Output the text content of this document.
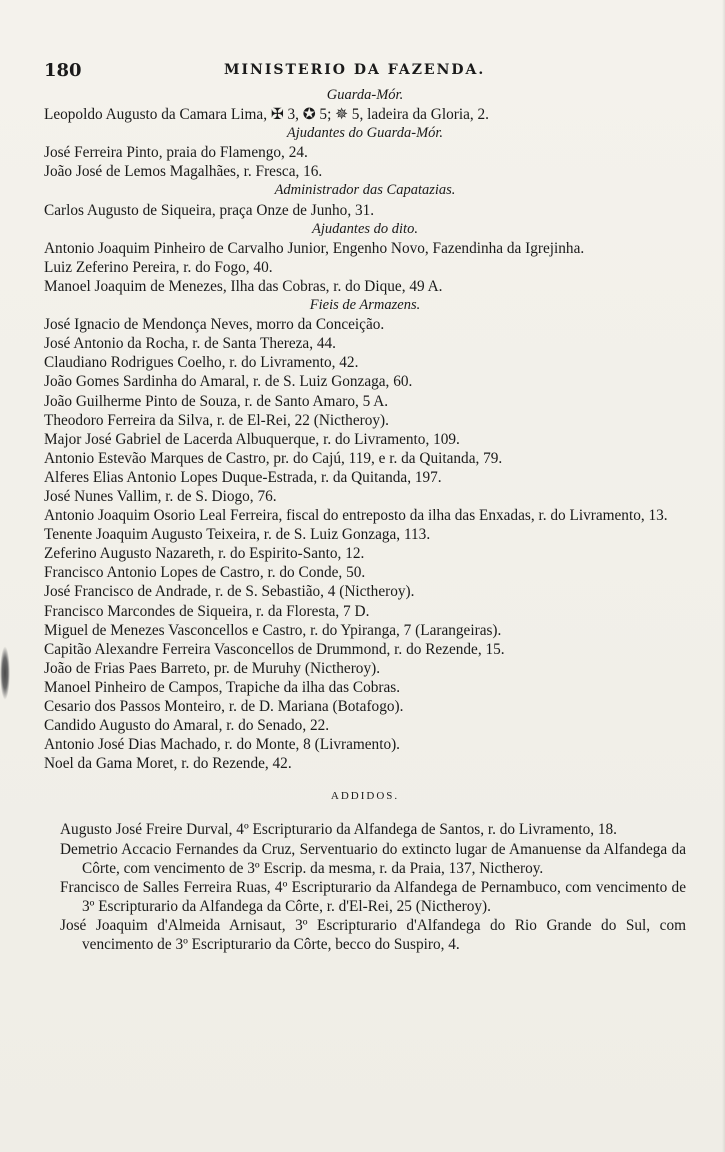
180	MINISTERIO DA FAZENDA.
Guarda-Mór.
Leopoldo Augusto da Camara Lima, ✠ 3, ✪ 5; ✵ 5, ladeira da Gloria, 2.
Ajudantes do Guarda-Mór.
José Ferreira Pinto, praia do Flamengo, 24.
João José de Lemos Magalhães, r. Fresca, 16.
Administrador das Capatazias.
Carlos Augusto de Siqueira, praça Onze de Junho, 31.
Ajudantes do dito.
Antonio Joaquim Pinheiro de Carvalho Junior, Engenho Novo, Fazendinha da Igrejinha.
Luiz Zeferino Pereira, r. do Fogo, 40.
Manoel Joaquim de Menezes, Ilha das Cobras, r. do Dique, 49 A.
Fieis de Armazens.
José Ignacio de Mendonça Neves, morro da Conceição.
José Antonio da Rocha, r. de Santa Thereza, 44.
Claudiano Rodrigues Coelho, r. do Livramento, 42.
João Gomes Sardinha do Amaral, r. de S. Luiz Gonzaga, 60.
João Guilherme Pinto de Souza, r. de Santo Amaro, 5 A.
Theodoro Ferreira da Silva, r. de El-Rei, 22 (Nictheroy).
Major José Gabriel de Lacerda Albuquerque, r. do Livramento, 109.
Antonio Estevão Marques de Castro, pr. do Cajú, 119, e r. da Quitanda, 79.
Alferes Elias Antonio Lopes Duque-Estrada, r. da Quitanda, 197.
José Nunes Vallim, r. de S. Diogo, 76.
Antonio Joaquim Osorio Leal Ferreira, fiscal do entreposto da ilha das Enxadas, r. do Livramento, 13.
Tenente Joaquim Augusto Teixeira, r. de S. Luiz Gonzaga, 113.
Zeferino Augusto Nazareth, r. do Espirito-Santo, 12.
Francisco Antonio Lopes de Castro, r. do Conde, 50.
José Francisco de Andrade, r. de S. Sebastião, 4 (Nictheroy).
Francisco Marcondes de Siqueira, r. da Floresta, 7 D.
Miguel de Menezes Vasconcellos e Castro, r. do Ypiranga, 7 (Larangeiras).
Capitão Alexandre Ferreira Vasconcellos de Drummond, r. do Rezende, 15.
João de Frias Paes Barreto, pr. de Muruhy (Nictheroy).
Manoel Pinheiro de Campos, Trapiche da ilha das Cobras.
Cesario dos Passos Monteiro, r. de D. Mariana (Botafogo).
Candido Augusto do Amaral, r. do Senado, 22.
Antonio José Dias Machado, r. do Monte, 8 (Livramento).
Noel da Gama Moret, r. do Rezende, 42.
ADDIDOS.
Augusto José Freire Durval, 4º Escripturario da Alfandega de Santos, r. do Livramento, 18.
Demetrio Accacio Fernandes da Cruz, Serventuario do extincto lugar de Amanuense da Alfandega da Côrte, com vencimento de 3º Escrip. da mesma, r. da Praia, 137, Nictheroy.
Francisco de Salles Ferreira Ruas, 4º Escripturario da Alfandega de Pernambuco, com vencimento de 3º Escripturario da Alfandega da Côrte, r. d'El-Rei, 25 (Nictheroy).
José Joaquim d'Almeida Arnisaut, 3º Escripturario d'Alfandega do Rio Grande do Sul, com vencimento de 3º Escripturario da Côrte, becco do Suspiro, 4.
